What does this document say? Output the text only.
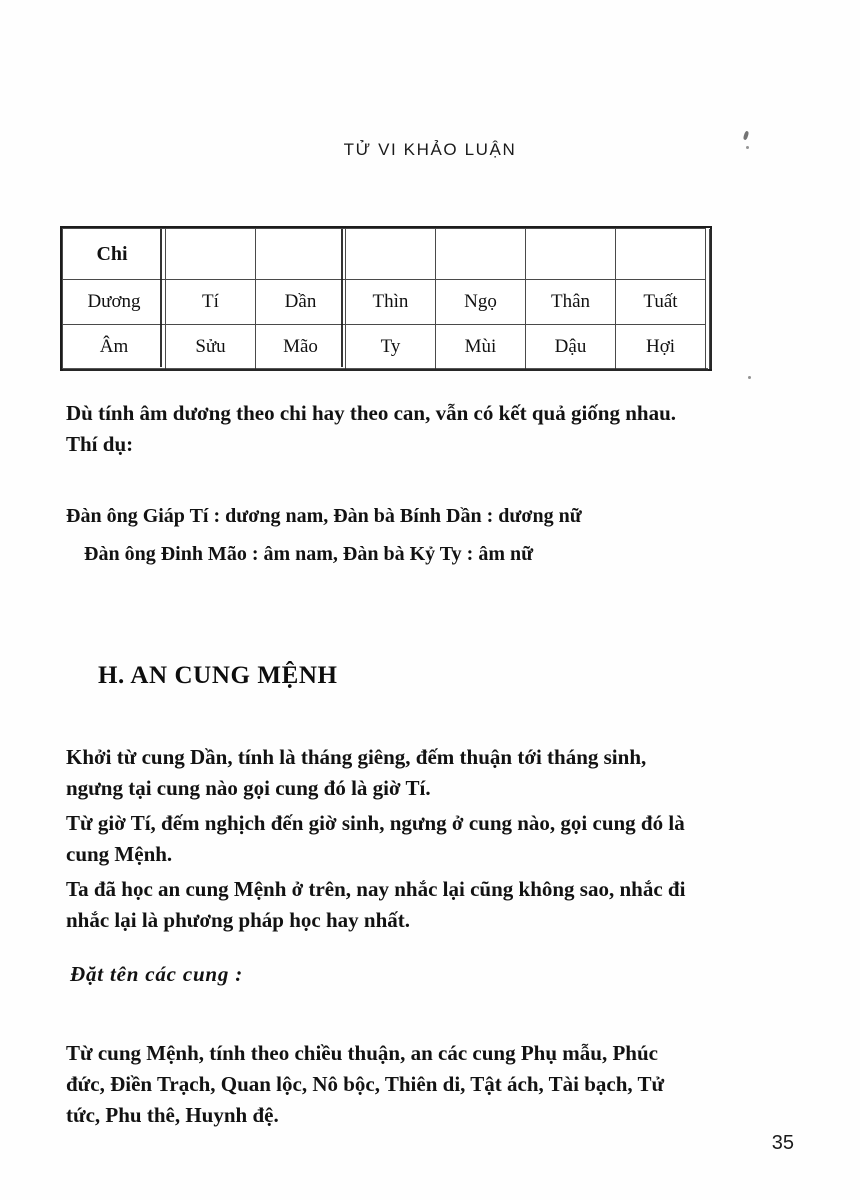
TỬ VI KHẢO LUẬN
Chi						
Dương	Tí	Dần	Thìn	Ngọ	Thân	Tuất
Âm	Sửu	Mão	Ty	Mùi	Dậu	Hợi
Dù tính âm dương theo chi hay theo can, vẫn có kết quả giống nhau. Thí dụ:
Đàn ông Giáp Tí : dương nam, Đàn bà Bính Dần : dương nữ
Đàn ông Đinh Mão : âm nam, Đàn bà Kỷ Ty : âm nữ
H. AN CUNG MỆNH
Khởi từ cung Dần, tính là tháng giêng, đếm thuận tới tháng sinh, ngưng tại cung nào gọi cung đó là giờ Tí.
Từ giờ Tí, đếm nghịch đến giờ sinh, ngưng ở cung nào, gọi cung đó là cung Mệnh.
Ta đã học an cung Mệnh ở trên, nay nhắc lại cũng không sao, nhắc đi nhắc lại là phương pháp học hay nhất.
Đặt tên các cung :
Từ cung Mệnh, tính theo chiều thuận, an các cung Phụ mẫu, Phúc đức, Điền Trạch, Quan lộc, Nô bộc, Thiên di, Tật ách, Tài bạch, Tử tức, Phu thê, Huynh đệ.
35
